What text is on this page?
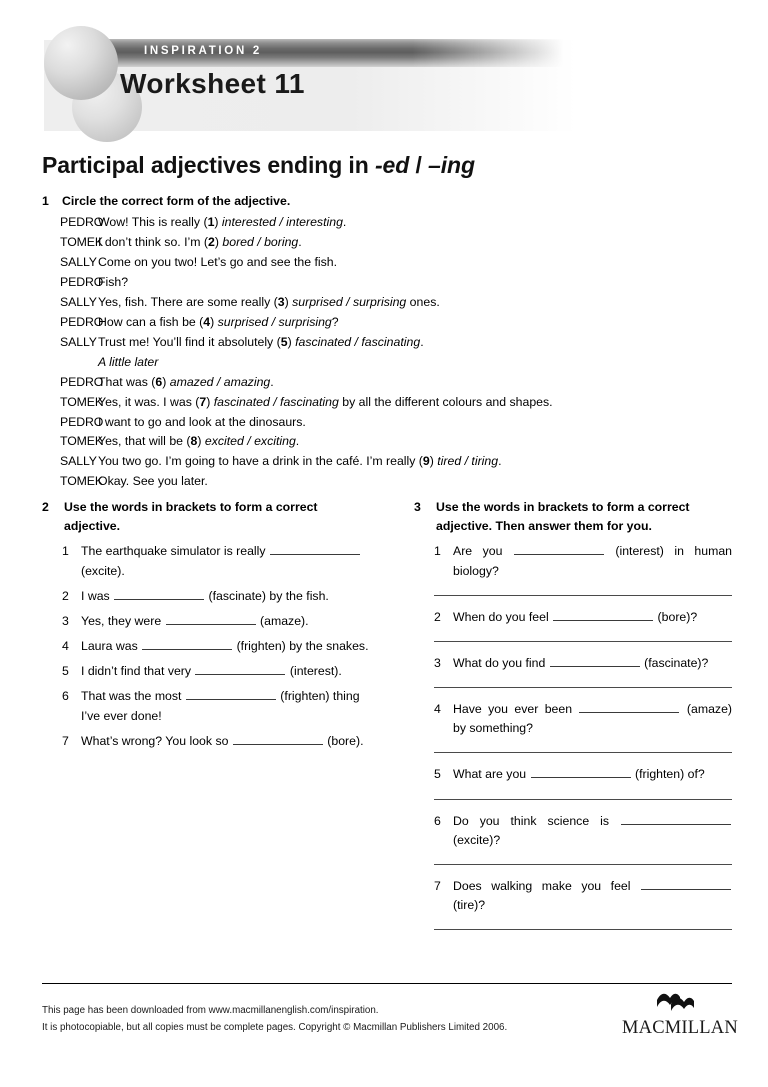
INSPIRATION 2
Worksheet 11
Participal adjectives ending in -ed / –ing
1	Circle the correct form of the adjective.
PEDRO
Wow! This is really (1) interested / interesting.
TOMEK
I don’t think so. I’m (2) bored / boring.
SALLY Come on you two! Let’s go and see the fish.
PEDRO
Fish?
SALLY Yes, fish. There are some really (3) surprised / surprising ones.
PEDRO
How can a fish be (4) surprised / surprising?
SALLY Trust me! You’ll find it absolutely (5) fascinated / fascinating.
A little later
PEDRO
That was (6) amazed / amazing.
TOMEK
Yes, it was. I was (7) fascinated / fascinating by all the different colours and shapes.
PEDRO
I want to go and look at the dinosaurs.
TOMEK
Yes, that will be (8) excited / exciting.
SALLY You two go. I’m going to have a drink in the café. I’m really (9) tired / tiring.
TOMEK
Okay. See you later.
2	Use the words in brackets to form a correct adjective.
1 The earthquake simulator is really  (excite).
2 I was	(fascinate) by the fish.
3 Yes, they were	(amaze).
4 Laura was	(frighten) by the snakes.
5 I didn’t find that very	(interest).
6 That was the most	(frighten) thing I’ve ever done!
7 What’s wrong? You look so	(bore).
3	Use the words in brackets to form a correct adjective. Then answer them for you.
1 Are you	(interest) in human biology?
2 When do you feel	(bore)?
3 What do you find	(fascinate)?
4 Have you ever been	(amaze) by something?
5 What are you	(frighten) of?
6 Do you think science is  (excite)?
7 Does walking make you feel  (tire)?
This page has been downloaded from www.macmillanenglish.com/inspiration.
It is photocopiable, but all copies must be complete pages. Copyright © Macmillan Publishers Limited 2006.	MACMILLAN
